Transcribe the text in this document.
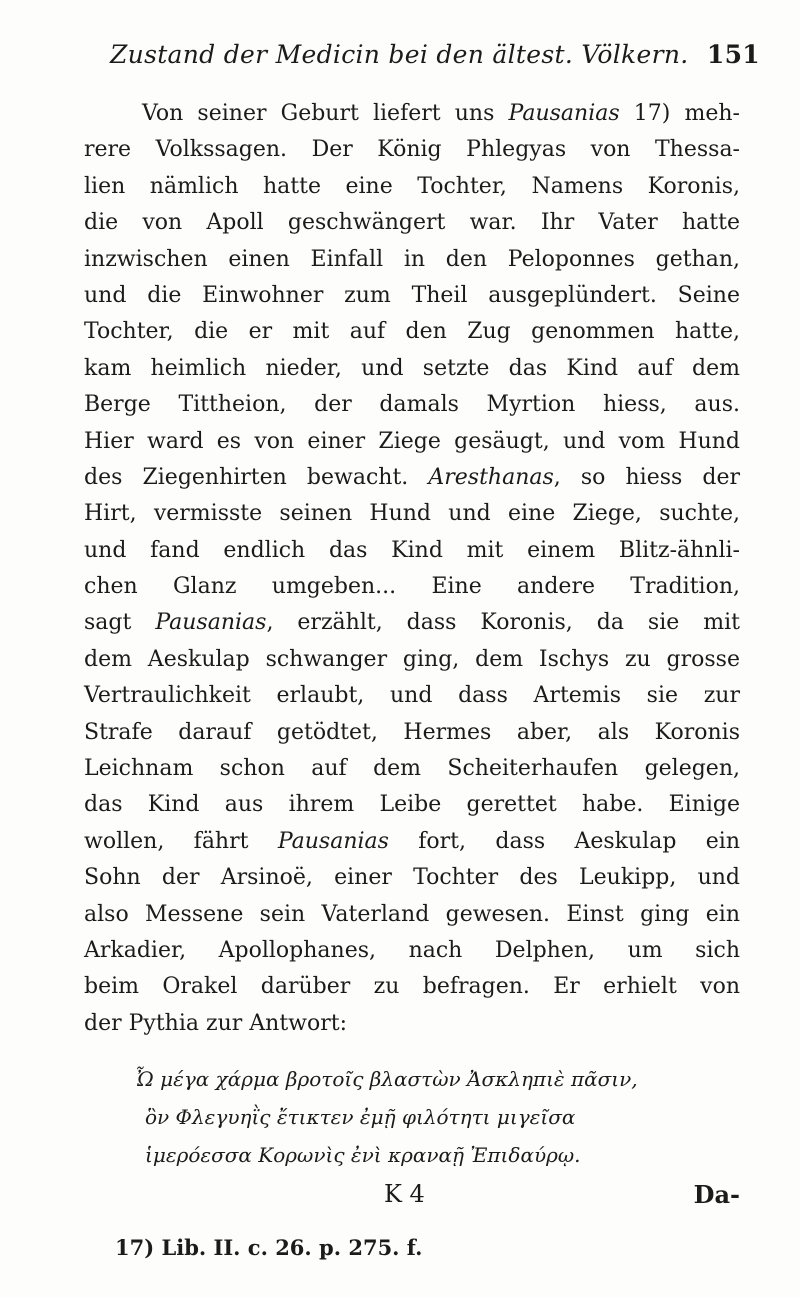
Zustand der Medicin bei den ältest. Völkern. 151
Von seiner Geburt liefert uns Pausanias 17) meh-
rere Volkssagen. Der König Phlegyas von Thessa-
lien nämlich hatte eine Tochter, Namens Koronis,
die von Apoll geschwängert war. Ihr Vater hatte
inzwischen einen Einfall in den Peloponnes gethan,
und die Einwohner zum Theil ausgeplündert. Seine
Tochter, die er mit auf den Zug genommen hatte,
kam heimlich nieder, und setzte das Kind auf dem
Berge Tittheion, der damals Myrtion hiess, aus.
Hier ward es von einer Ziege gesäugt, und vom Hund
des Ziegenhirten bewacht. Aresthanas, so hiess der
Hirt, vermisste seinen Hund und eine Ziege, suchte,
und fand endlich das Kind mit einem Blitz-ähnli-
chen Glanz umgeben... Eine andere Tradition,
sagt Pausanias, erzählt, dass Koronis, da sie mit
dem Aeskulap schwanger ging, dem Ischys zu grosse
Vertraulichkeit erlaubt, und dass Artemis sie zur
Strafe darauf getödtet, Hermes aber, als Koronis
Leichnam schon auf dem Scheiterhaufen gelegen,
das Kind aus ihrem Leibe gerettet habe. Einige
wollen, fährt Pausanias fort, dass Aeskulap ein
Sohn der Arsinoë, einer Tochter des Leukipp, und
also Messene sein Vaterland gewesen. Einst ging ein
Arkadier, Apollophanes, nach Delphen, um sich
beim Orakel darüber zu befragen. Er erhielt von
der Pythia zur Antwort:
Ὦ μέγα χάρμα βροτοῖς βλαστὼν Ἀσκληπιὲ πᾶσιν,
ὃν Φλεγυηῒς ἔτικτεν ἐμῇ φιλότητι μιγεῖσα
ἱμερόεσσα Κορωνὶς ἐνὶ κραναῇ Ἐπιδαύρῳ.
K 4	Da-
17) Lib. II. c. 26. p. 275. f.
